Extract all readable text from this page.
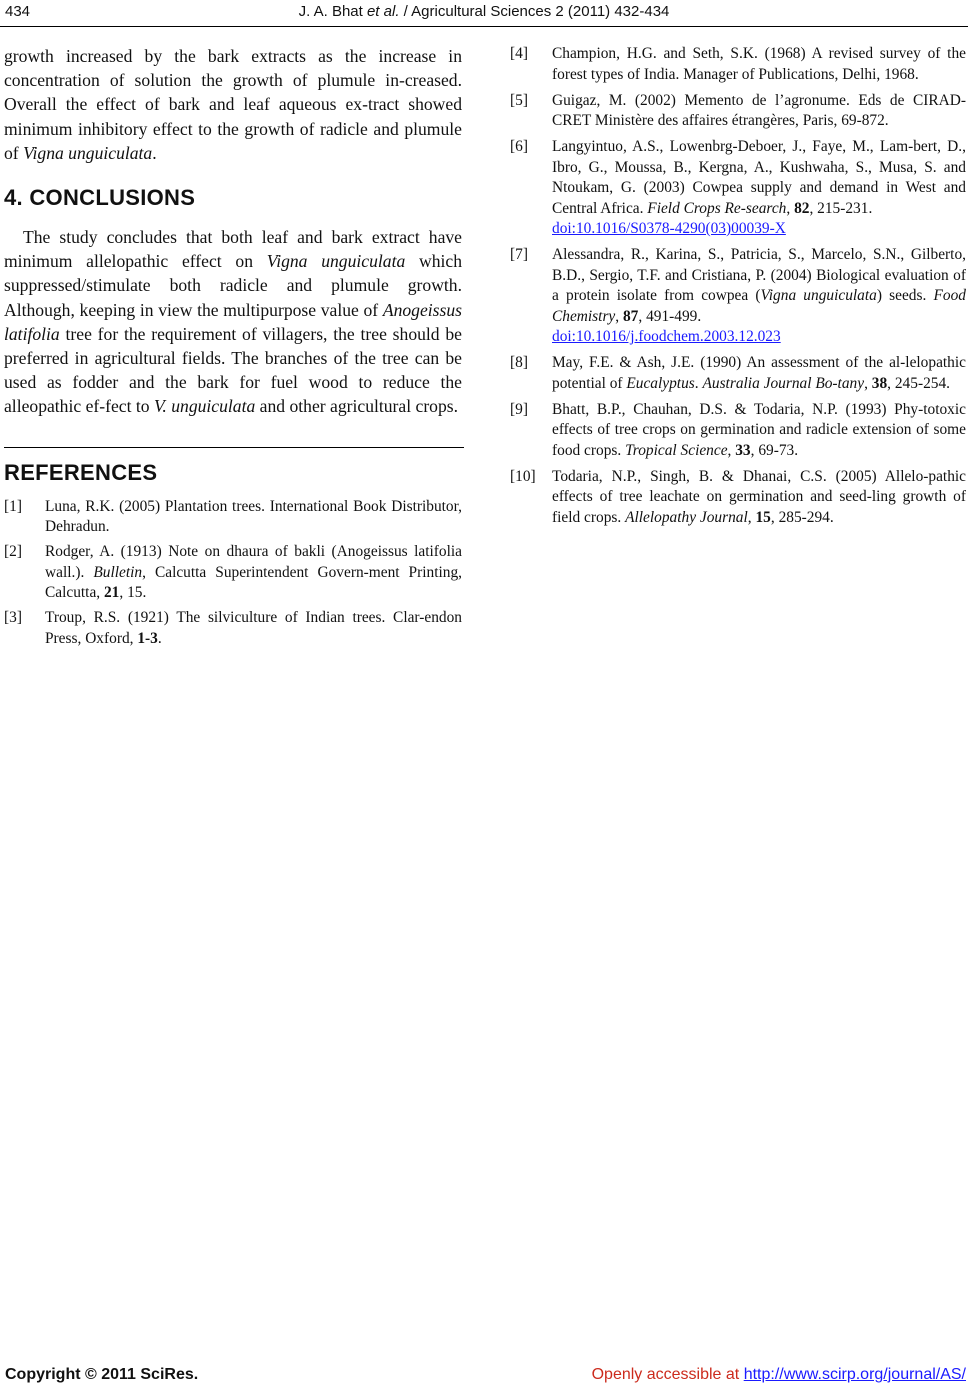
434	J. A. Bhat et al. / Agricultural Sciences 2 (2011) 432-434

growth increased by the bark extracts as the increase in concentration of solution the growth of plumule in-creased. Overall the effect of bark and leaf aqueous ex-tract showed minimum inhibitory effect to the growth of radicle and plumule of Vigna unguiculata.

4. CONCLUSIONS

The study concludes that both leaf and bark extract have minimum allelopathic effect on Vigna unguiculata which suppressed/stimulate both radicle and plumule growth. Although, keeping in view the multipurpose value of Anogeissus latifolia tree for the requirement of villagers, the tree should be preferred in agricultural fields. The branches of the tree can be used as fodder and the bark for fuel wood to reduce the alleopathic ef-fect to V. unguiculata and other agricultural crops.

REFERENCES

[1] Luna, R.K. (2005) Plantation trees. International Book Distributor, Dehradun.

[2] Rodger, A. (1913) Note on dhaura of bakli (Anogeissus latifolia wall.). Bulletin, Calcutta Superintendent Govern-ment Printing, Calcutta, 21, 15.

[3] Troup, R.S. (1921) The silviculture of Indian trees. Clar-endon Press, Oxford, 1-3.

[4] Champion, H.G. and Seth, S.K. (1968) A revised survey of the forest types of India. Manager of Publications, Delhi, 1968.

[5] Guigaz, M. (2002) Memento de l’agronume. Eds de CIRAD-CRET Ministère des affaires étrangères, Paris, 69-872.

[6] Langyintuo, A.S., Lowenbrg-Deboer, J., Faye, M., Lam-bert, D., Ibro, G., Moussa, B., Kergna, A., Kushwaha, S., Musa, S. and Ntoukam, G. (2003) Cowpea supply and demand in West and Central Africa. Field Crops Re-search, 82, 215-231.
doi:10.1016/S0378-4290(03)00039-X

[7] Alessandra, R., Karina, S., Patricia, S., Marcelo, S.N., Gilberto, B.D., Sergio, T.F. and Cristiana, P. (2004) Biological evaluation of a protein isolate from cowpea (Vigna unguiculata) seeds. Food Chemistry, 87, 491-499.
doi:10.1016/j.foodchem.2003.12.023

[8] May, F.E. & Ash, J.E. (1990) An assessment of the al-lelopathic potential of Eucalyptus. Australia Journal Bo-tany, 38, 245-254.

[9] Bhatt, B.P., Chauhan, D.S. & Todaria, N.P. (1993) Phy-totoxic effects of tree crops on germination and radicle extension of some food crops. Tropical Science, 33, 69-73.

[10] Todaria, N.P., Singh, B. & Dhanai, C.S. (2005) Allelo-pathic effects of tree leachate on germination and seed-ling growth of field crops. Allelopathy Journal, 15, 285-294.

Copyright © 2011 SciRes.	Openly accessible at http://www.scirp.org/journal/AS/
